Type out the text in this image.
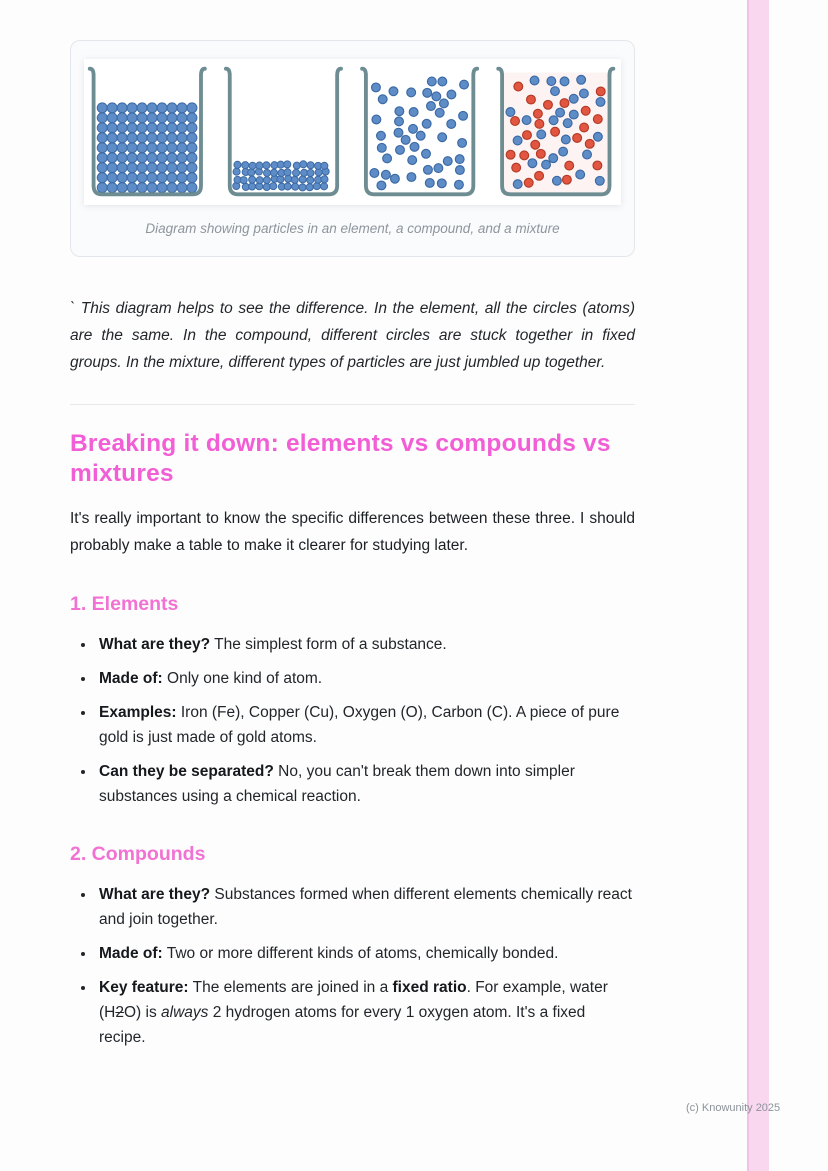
Diagram showing particles in an element, a compound, and a mixture

` This diagram helps to see the difference. In the element, all the circles (atoms) are the same. In the compound, different circles are stuck together in fixed groups. In the mixture, different types of particles are just jumbled up together.

Breaking it down: elements vs compounds vs mixtures

It's really important to know the specific differences between these three. I should probably make a table to make it clearer for studying later.

1. Elements
• What are they? The simplest form of a substance.
• Made of: Only one kind of atom.
• Examples: Iron (Fe), Copper (Cu), Oxygen (O), Carbon (C). A piece of pure gold is just made of gold atoms.
• Can they be separated? No, you can't break them down into simpler substances using a chemical reaction.
2. Compounds
• What are they? Substances formed when different elements chemically react and join together.
• Made of: Two or more different kinds of atoms, chemically bonded.
• Key feature: The elements are joined in a fixed ratio. For example, water (H2O) is always 2 hydrogen atoms for every 1 oxygen atom. It's a fixed recipe.
(c) Knowunity 2025
